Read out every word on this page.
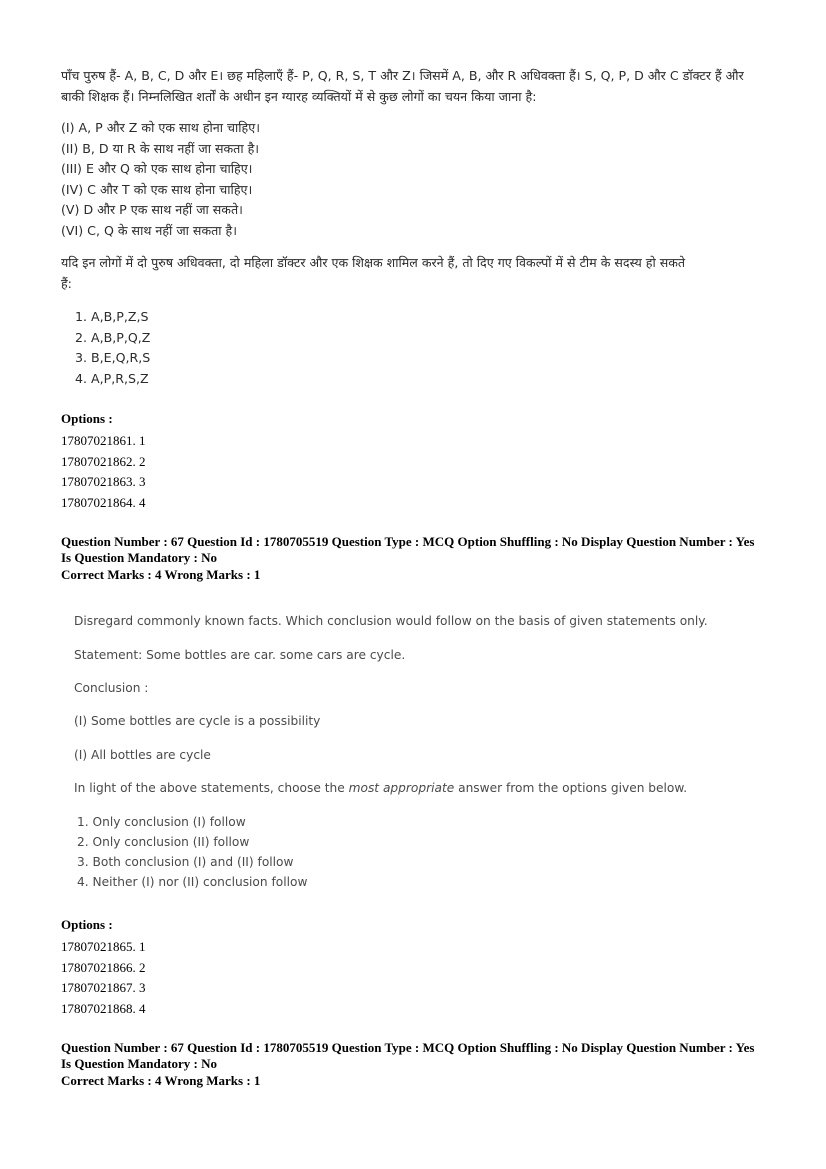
पाँच पुरुष हैं- A, B, C, D और E। छह महिलाएँ हैं- P, Q, R, S, T और Z। जिसमें A, B, और R अधिवक्ता हैं। S, Q, P, D और C डॉक्टर हैं और
बाकी शिक्षक हैं। निम्नलिखित शर्तों के अधीन इन ग्यारह व्यक्तियों में से कुछ लोगों का चयन किया जाना है:
(I) A, P और Z को एक साथ होना चाहिए।
(II) B, D या R के साथ नहीं जा सकता है।
(III) E और Q को एक साथ होना चाहिए।
(IV) C और T को एक साथ होना चाहिए।
(V) D और P एक साथ नहीं जा सकते।
(VI) C, Q के साथ नहीं जा सकता है।
यदि इन लोगों में दो पुरुष अधिवक्ता, दो महिला डॉक्टर और एक शिक्षक शामिल करने हैं, तो दिए गए विकल्पों में से टीम के सदस्य हो सकते
हैं:
1. A,B,P,Z,S
2. A,B,P,Q,Z
3. B,E,Q,R,S
4. A,P,R,S,Z
Options :
17807021861. 1
17807021862. 2
17807021863. 3
17807021864. 4
Question Number : 67 Question Id : 1780705519 Question Type : MCQ Option Shuffling : No Display Question Number : Yes
Is Question Mandatory : No
Correct Marks : 4 Wrong Marks : 1
Disregard commonly known facts. Which conclusion would follow on the basis of given statements only.
Statement: Some bottles are car. some cars are cycle.
Conclusion :
(I) Some bottles are cycle is a possibility
(I) All bottles are cycle
In light of the above statements, choose the most appropriate answer from the options given below.
1. Only conclusion (I) follow
2. Only conclusion (II) follow
3. Both conclusion (I) and (II) follow
4. Neither (I) nor (II) conclusion follow
Options :
17807021865. 1
17807021866. 2
17807021867. 3
17807021868. 4
Question Number : 67 Question Id : 1780705519 Question Type : MCQ Option Shuffling : No Display Question Number : Yes
Is Question Mandatory : No
Correct Marks : 4 Wrong Marks : 1
